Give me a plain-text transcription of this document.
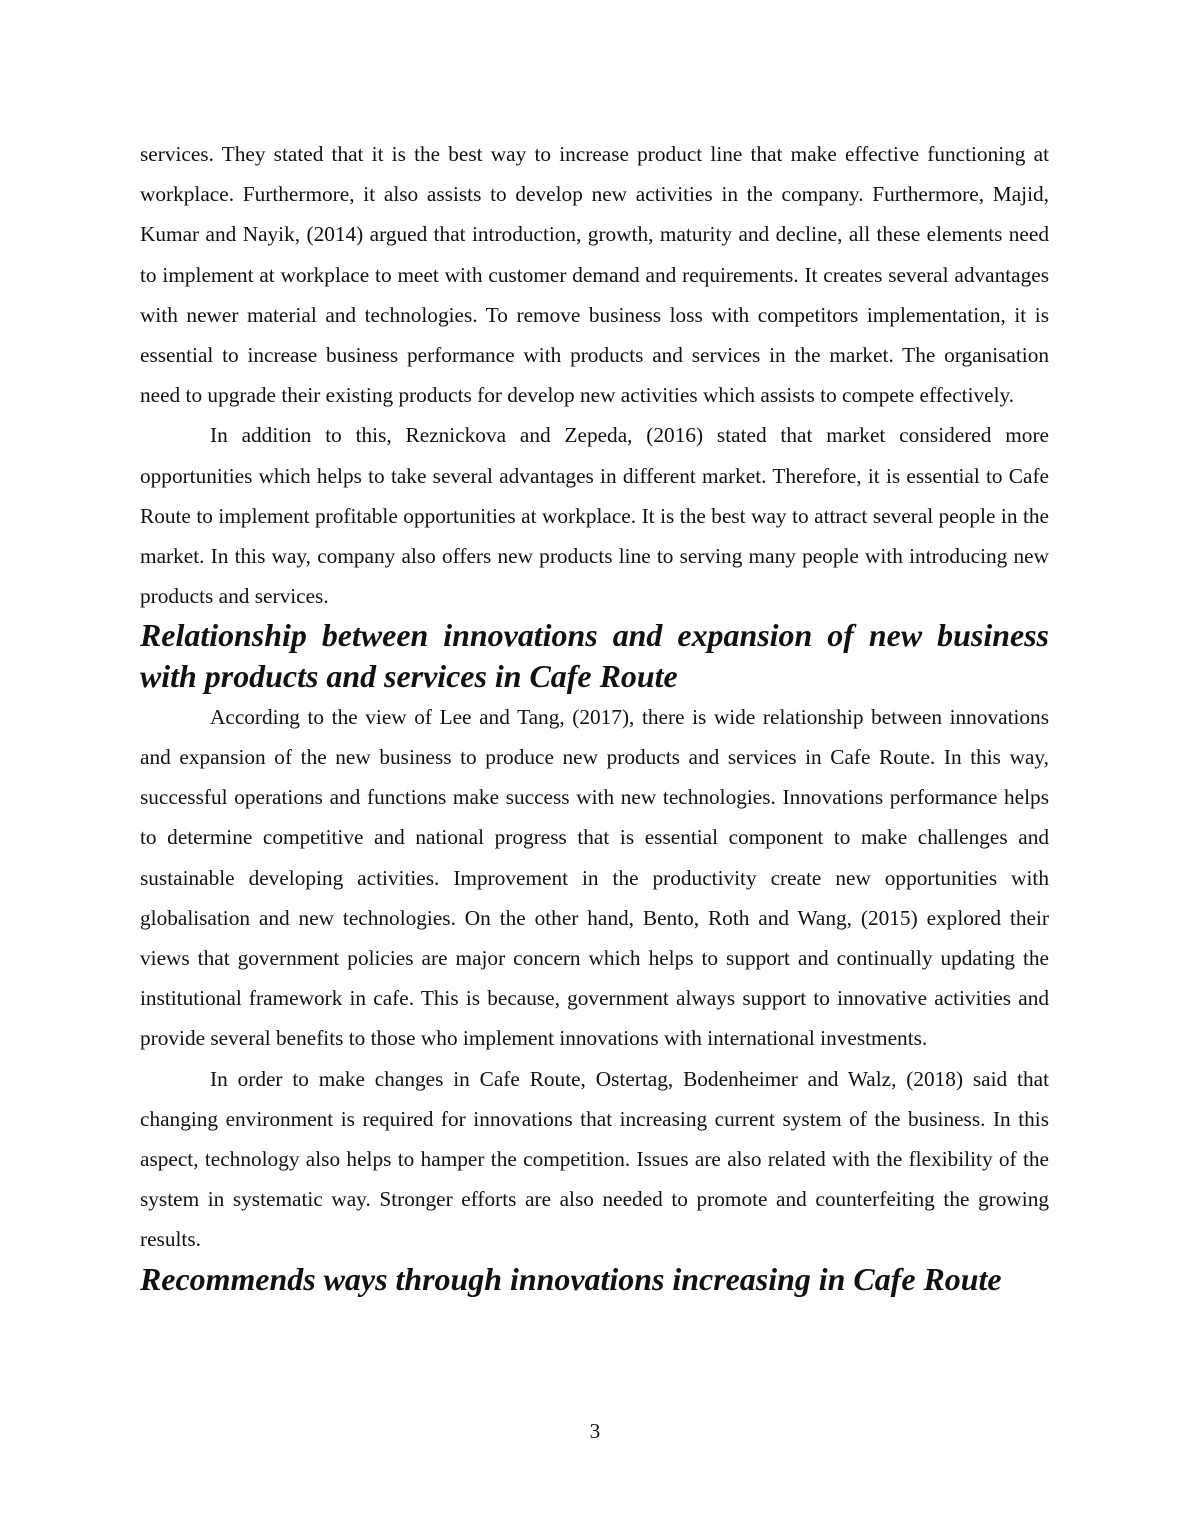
services. They stated that it is the best way to increase product line that make effective functioning at workplace. Furthermore, it also assists to develop new activities in the company. Furthermore, Majid, Kumar and Nayik, (2014) argued that introduction, growth, maturity and decline, all these elements need to implement at workplace to meet with customer demand and requirements. It creates several advantages with newer material and technologies. To remove business loss with competitors implementation, it is essential to increase business performance with products and services in the market. The organisation need to upgrade their existing products for develop new activities which assists to compete effectively.

In addition to this, Reznickova and Zepeda, (2016) stated that market considered more opportunities which helps to take several advantages in different market. Therefore, it is essential to Cafe Route to implement profitable opportunities at workplace. It is the best way to attract several people in the market. In this way, company also offers new products line to serving many people with introducing new products and services.

Relationship between innovations and expansion of new business with products and services in Cafe Route

According to the view of Lee and Tang, (2017), there is wide relationship between innovations and expansion of the new business to produce new products and services in Cafe Route. In this way, successful operations and functions make success with new technologies. Innovations performance helps to determine competitive and national progress that is essential component to make challenges and sustainable developing activities. Improvement in the productivity create new opportunities with globalisation and new technologies. On the other hand, Bento, Roth and Wang, (2015) explored their views that government policies are major concern which helps to support and continually updating the institutional framework in cafe. This is because, government always support to innovative activities and provide several benefits to those who implement innovations with international investments.

In order to make changes in Cafe Route, Ostertag, Bodenheimer and Walz, (2018) said that changing environment is required for innovations that increasing current system of the business. In this aspect, technology also helps to hamper the competition. Issues are also related with the flexibility of the system in systematic way. Stronger efforts are also needed to promote and counterfeiting the growing results.

Recommends ways through innovations increasing in Cafe Route
3
